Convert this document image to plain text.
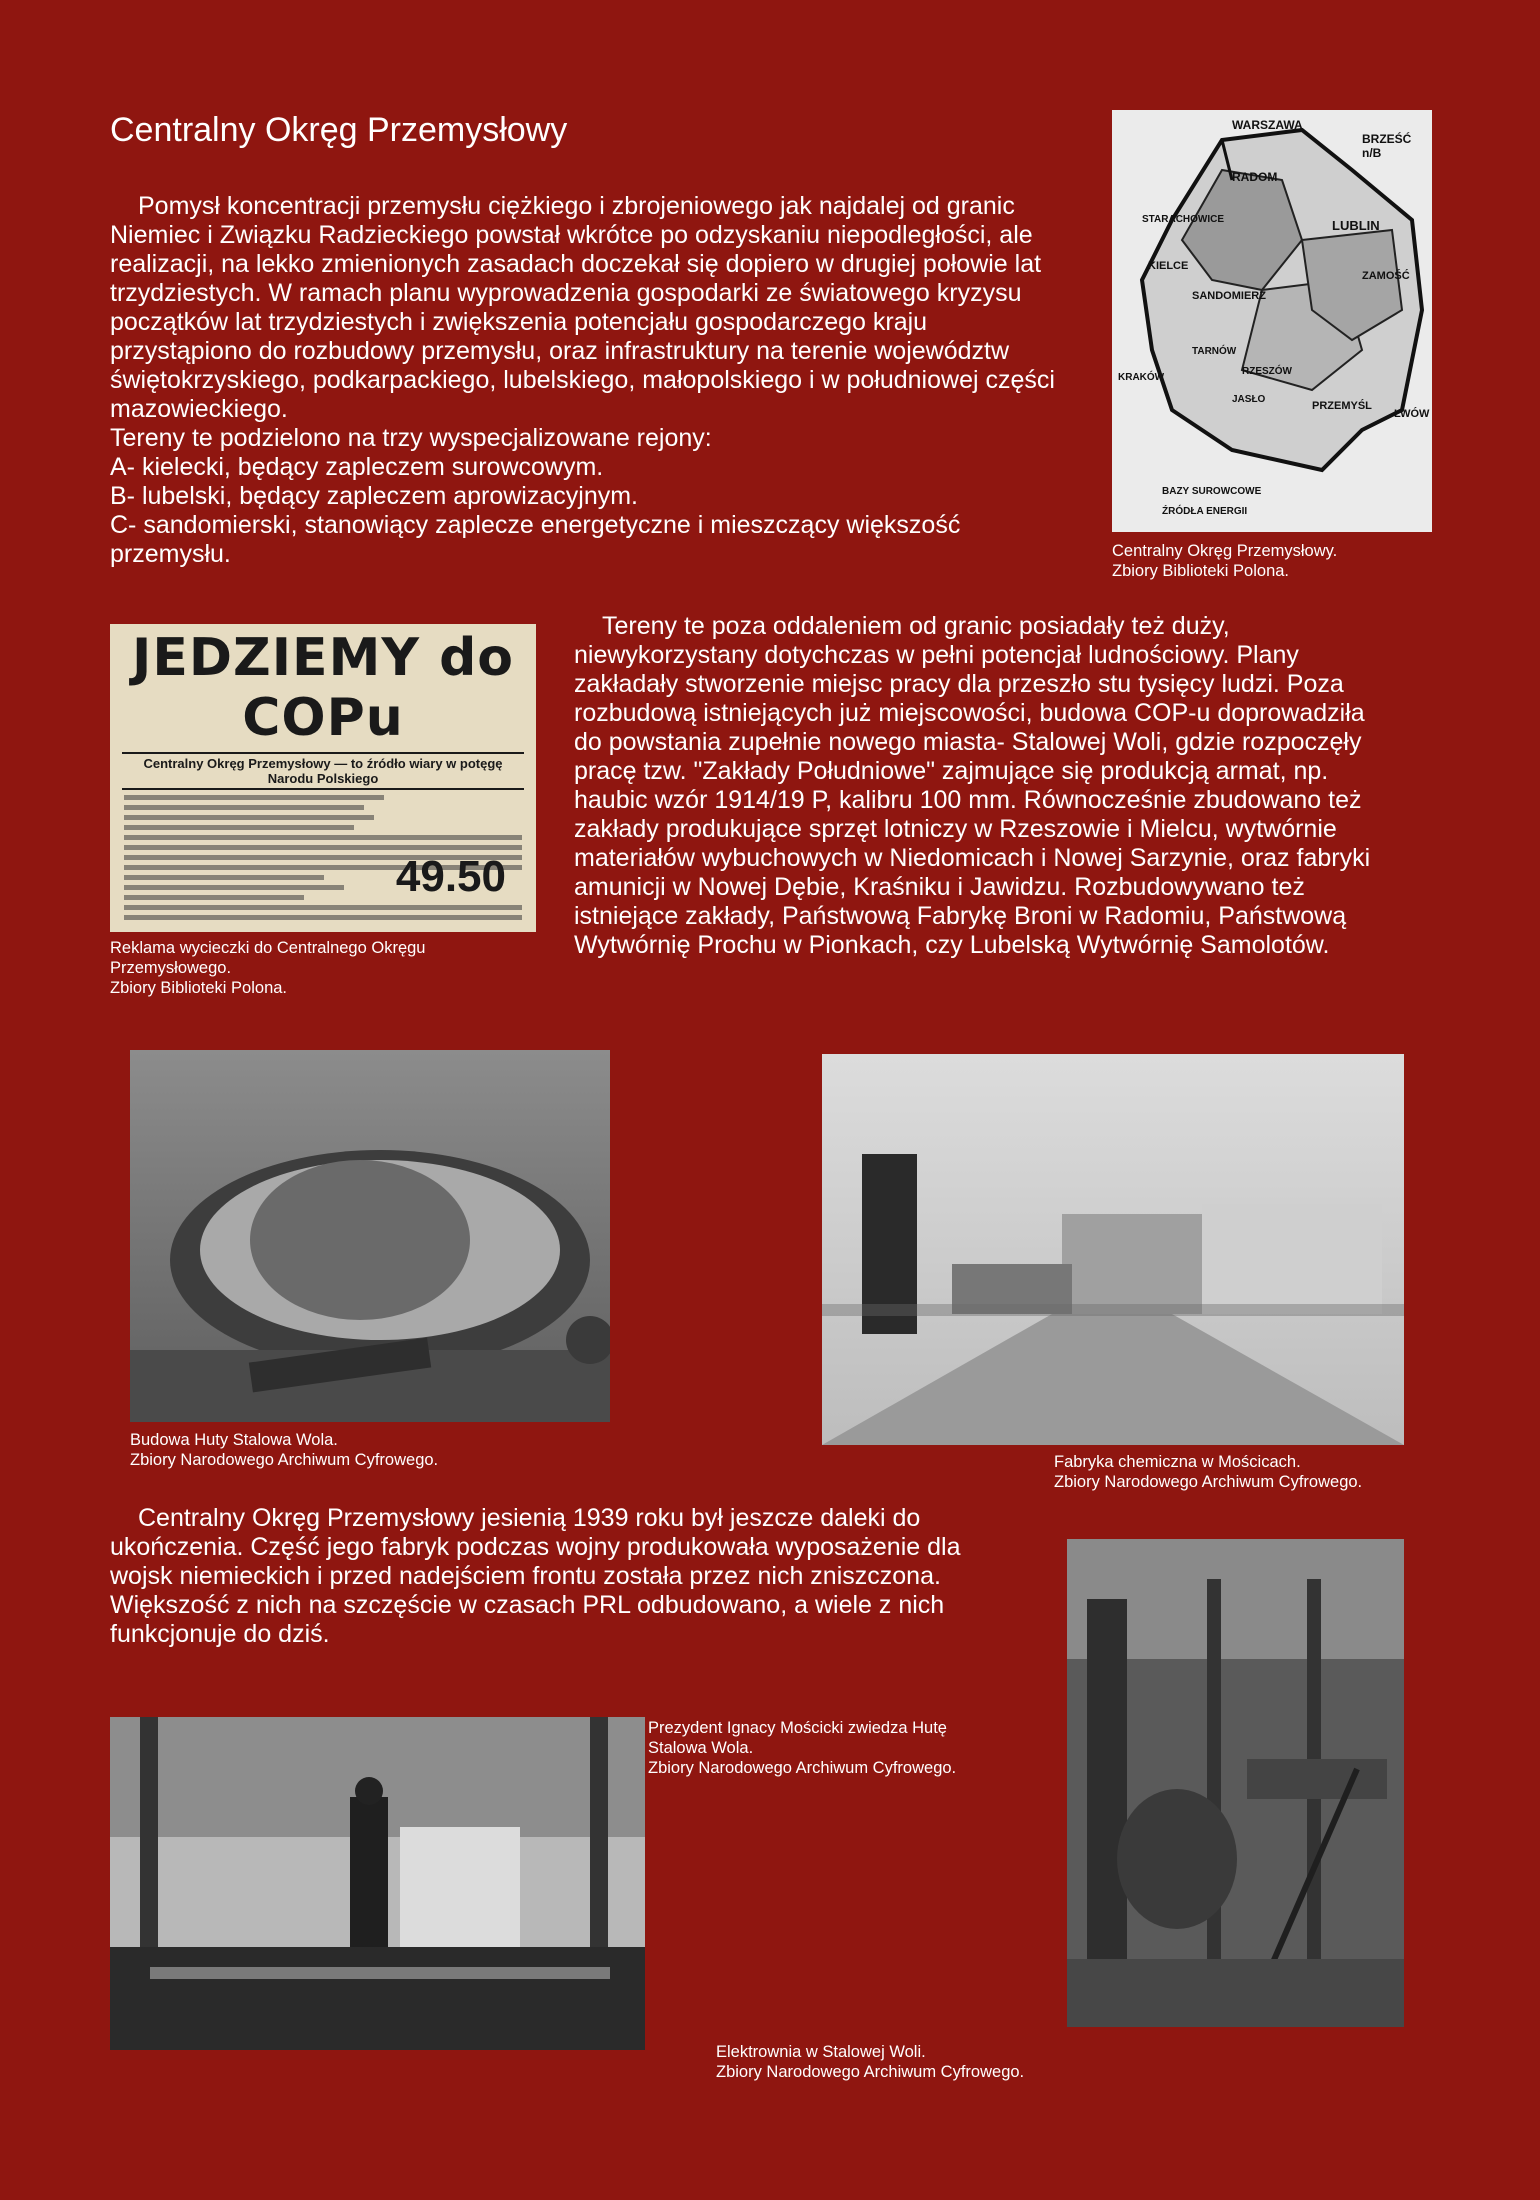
Centralny Okręg Przemysłowy

Pomysł koncentracji przemysłu ciężkiego i zbrojeniowego jak najdalej od granic Niemiec i Związku Radzieckiego powstał wkrótce po odzyskaniu niepodległości, ale realizacji, na lekko zmienionych zasadach doczekał się dopiero w drugiej połowie lat trzydziestych. W ramach planu wyprowadzenia gospodarki ze światowego kryzysu początków lat trzydziestych i zwiększenia potencjału gospodarczego kraju przystąpiono do rozbudowy przemysłu, oraz infrastruktury na terenie województw świętokrzyskiego, podkarpackiego, lubelskiego, małopolskiego i w południowej części mazowieckiego.

Tereny te podzielono na trzy wyspecjalizowane rejony:

A- kielecki, będący zapleczem surowcowym.

B- lubelski, będący zapleczem aprowizacyjnym.

C- sandomierski, stanowiący zaplecze energetyczne i mieszczący większość przemysłu.

WARSZAWA
BRZEŚĆ n/B
RADOM
STARACHOWICE
KIELCE
SANDOMIERZ
LUBLIN
ZAMOŚĆ
TARNÓW
RZESZÓW
JASŁO
PRZEMYŚL
KRAKÓW
LWÓW
BAZY SUROWCOWE
ŹRÓDŁA ENERGII
Centralny Okręg Przemysłowy.
Zbiory Biblioteki Polona.
JEDZIEMY do COPu
Centralny Okręg Przemysłowy — to źródło wiary w potęgę Narodu Polskiego
49.50
Reklama wycieczki do Centralnego Okręgu
Przemysłowego.
Zbiory Biblioteki Polona.

Tereny te poza oddaleniem od granic posiadały też duży, niewykorzystany dotychczas w pełni potencjał ludnościowy. Plany zakładały stworzenie miejsc pracy dla przeszło stu tysięcy ludzi. Poza rozbudową istniejących już miejscowości, budowa COP-u doprowadziła do powstania zupełnie nowego miasta- Stalowej Woli, gdzie rozpoczęły pracę tzw. "Zakłady Południowe" zajmujące się produkcją armat, np. haubic wzór 1914/19 P, kalibru 100 mm. Równocześnie zbudowano też zakłady produkujące sprzęt lotniczy w Rzeszowie i Mielcu, wytwórnie materiałów wybuchowych w Niedomicach i Nowej Sarzynie, oraz fabryki amunicji w Nowej Dębie, Kraśniku i Jawidzu. Rozbudowywano też istniejące zakłady, Państwową Fabrykę Broni w Radomiu, Państwową Wytwórnię Prochu w Pionkach, czy Lubelską Wytwórnię Samolotów.

Budowa Huty Stalowa Wola.
Zbiory Narodowego Archiwum Cyfrowego.	Fabryka chemiczna w Mościcach.
Zbiory Narodowego Archiwum Cyfrowego.

Centralny Okręg Przemysłowy jesienią 1939 roku był jeszcze daleki do ukończenia. Część jego fabryk podczas wojny produkowała wyposażenie dla wojsk niemieckich i przed nadejściem frontu została przez nich zniszczona. Większość z nich na szczęście w czasach PRL odbudowano, a wiele z nich funkcjonuje do dziś.

Prezydent Ignacy Mościcki zwiedza Hutę
Stalowa Wola.
Zbiory Narodowego Archiwum Cyfrowego.
Elektrownia w Stalowej Woli.
Zbiory Narodowego Archiwum Cyfrowego.
